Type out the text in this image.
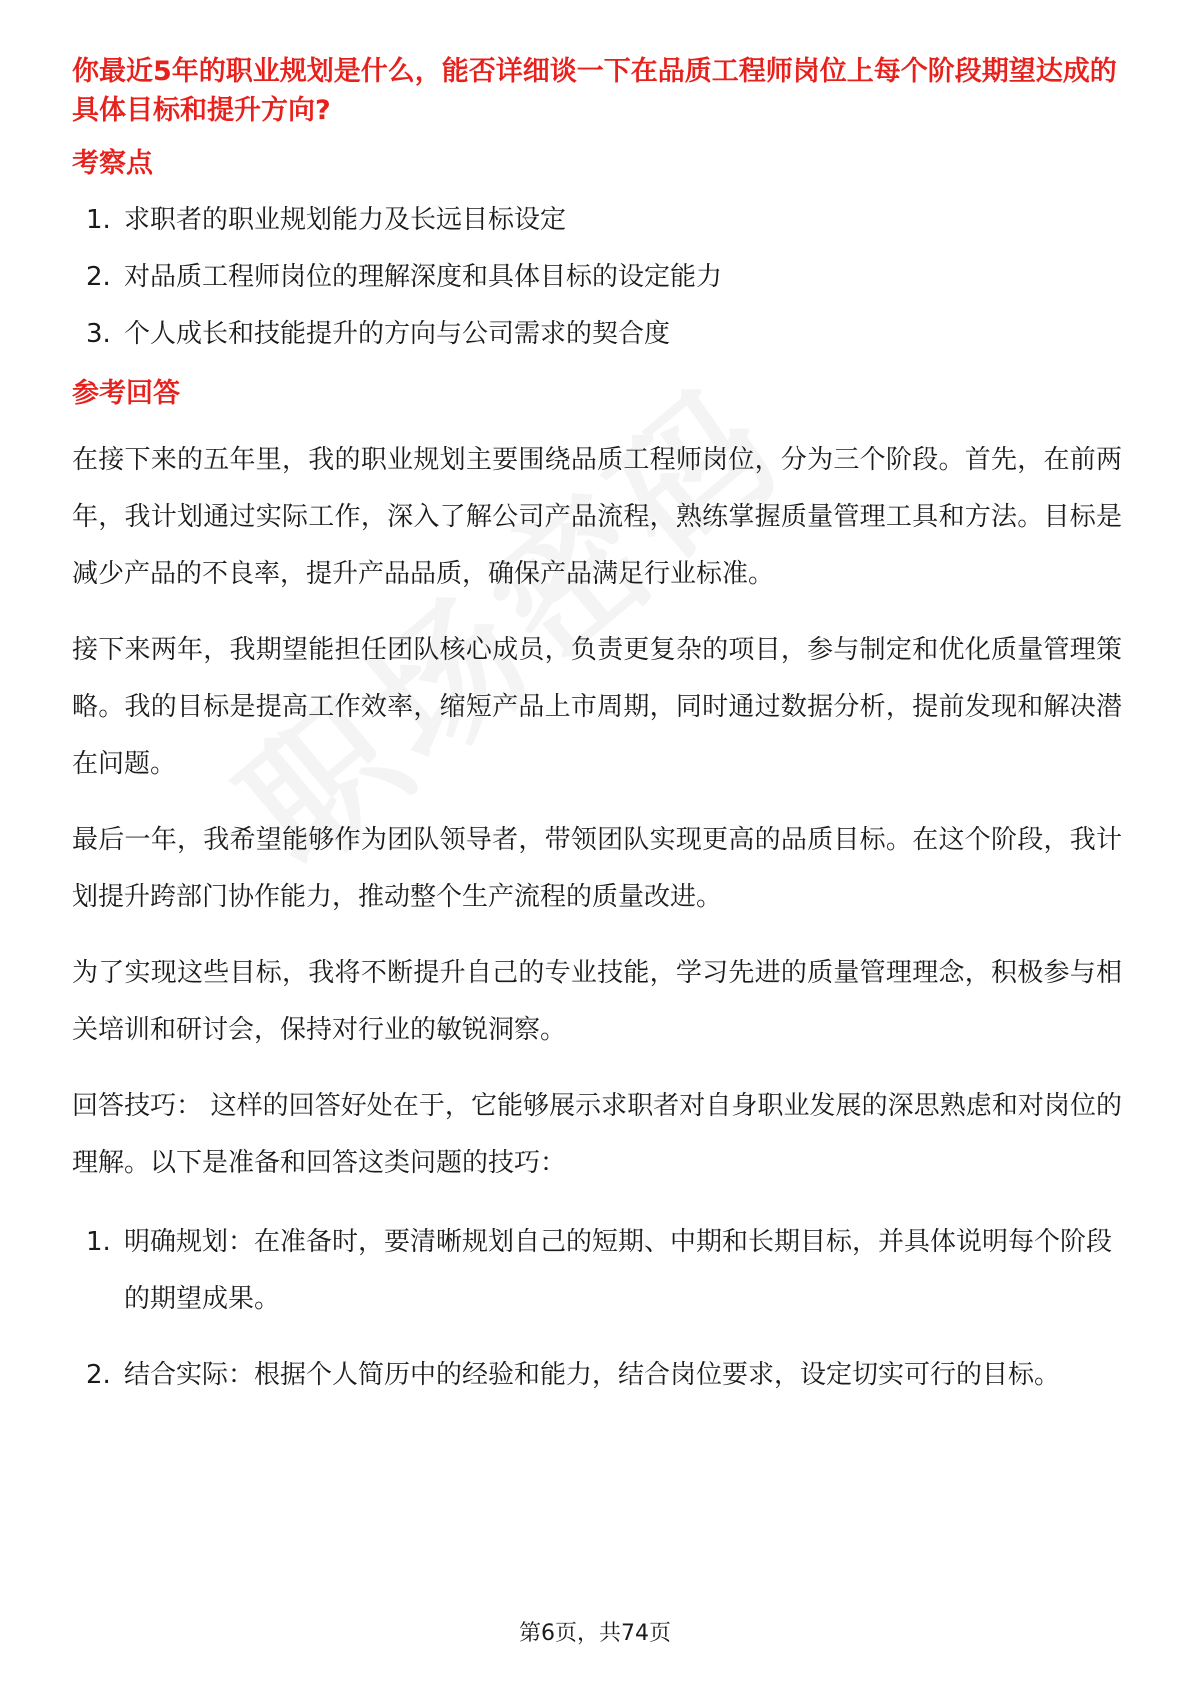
你最近5年的职业规划是什么，能否详细谈一下在品质工程师岗位上每个阶段期望达成的具体目标和提升方向?

考察点
1. 求职者的职业规划能力及长远目标设定
2. 对品质工程师岗位的理解深度和具体目标的设定能力
3. 个人成长和技能提升的方向与公司需求的契合度
参考回答

在接下来的五年里，我的职业规划主要围绕品质工程师岗位，分为三个阶段。首先，在前两年，我计划通过实际工作，深入了解公司产品流程，熟练掌握质量管理工具和方法。目标是减少产品的不良率，提升产品品质，确保产品满足行业标准。

接下来两年，我期望能担任团队核心成员，负责更复杂的项目，参与制定和优化质量管理策略。我的目标是提高工作效率，缩短产品上市周期，同时通过数据分析，提前发现和解决潜在问题。

最后一年，我希望能够作为团队领导者，带领团队实现更高的品质目标。在这个阶段，我计划提升跨部门协作能力，推动整个生产流程的质量改进。

为了实现这些目标，我将不断提升自己的专业技能，学习先进的质量管理理念，积极参与相关培训和研讨会，保持对行业的敏锐洞察。

回答技巧： 这样的回答好处在于，它能够展示求职者对自身职业发展的深思熟虑和对岗位的理解。以下是准备和回答这类问题的技巧：

1. 明确规划：在准备时，要清晰规划自己的短期、中期和长期目标，并具体说明每个阶段的期望成果。
2. 结合实际：根据个人简历中的经验和能力，结合岗位要求，设定切实可行的目标。
第6页，共74页
